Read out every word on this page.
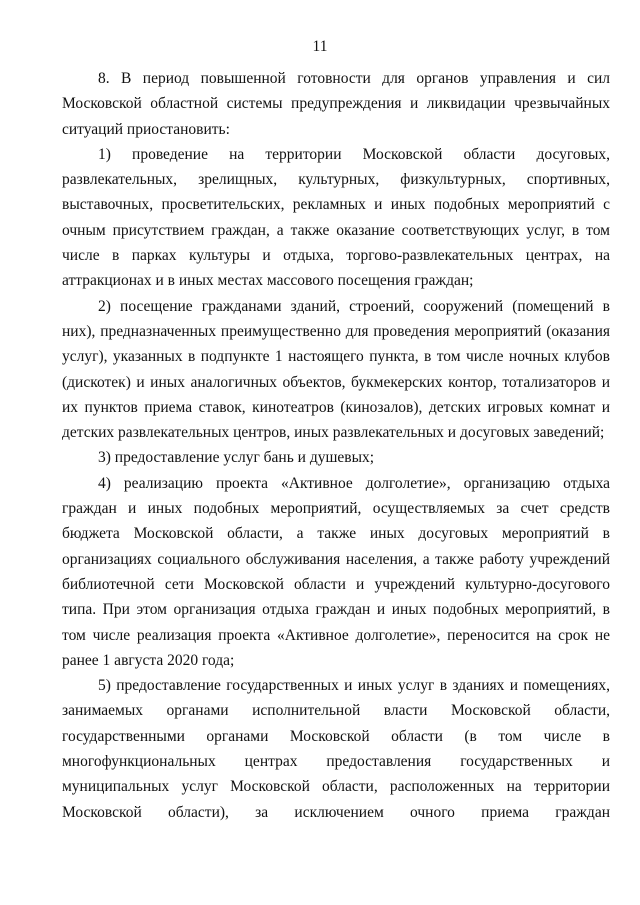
11

8. В период повышенной готовности для органов управления и сил Московской областной системы предупреждения и ликвидации чрезвычайных ситуаций приостановить:

1) проведение на территории Московской области досуговых, развлекательных, зрелищных, культурных, физкультурных, спортивных, выставочных, просветительских, рекламных и иных подобных мероприятий с очным присутствием граждан, а также оказание соответствующих услуг, в том числе в парках культуры и отдыха, торгово-развлекательных центрах, на аттракционах и в иных местах массового посещения граждан;

2) посещение гражданами зданий, строений, сооружений (помещений в них), предназначенных преимущественно для проведения мероприятий (оказания услуг), указанных в подпункте 1 настоящего пункта, в том числе ночных клубов (дискотек) и иных аналогичных объектов, букмекерских контор, тотализаторов и их пунктов приема ставок, кинотеатров (кинозалов), детских игровых комнат и детских развлекательных центров, иных развлекательных и досуговых заведений;

3) предоставление услуг бань и душевых;

4) реализацию проекта «Активное долголетие», организацию отдыха граждан и иных подобных мероприятий, осуществляемых за счет средств бюджета Московской области, а также иных досуговых мероприятий в организациях социального обслуживания населения, а также работу учреждений библиотечной сети Московской области и учреждений культурно-досугового типа. При этом организация отдыха граждан и иных подобных мероприятий, в том числе реализация проекта «Активное долголетие», переносится на срок не ранее 1 августа 2020 года;

5) предоставление государственных и иных услуг в зданиях и помещениях, занимаемых органами исполнительной власти Московской области, государственными органами Московской области (в том числе в многофункциональных центрах предоставления государственных и муниципальных услуг Московской области, расположенных на территории Московской области), за исключением очного приема граждан
